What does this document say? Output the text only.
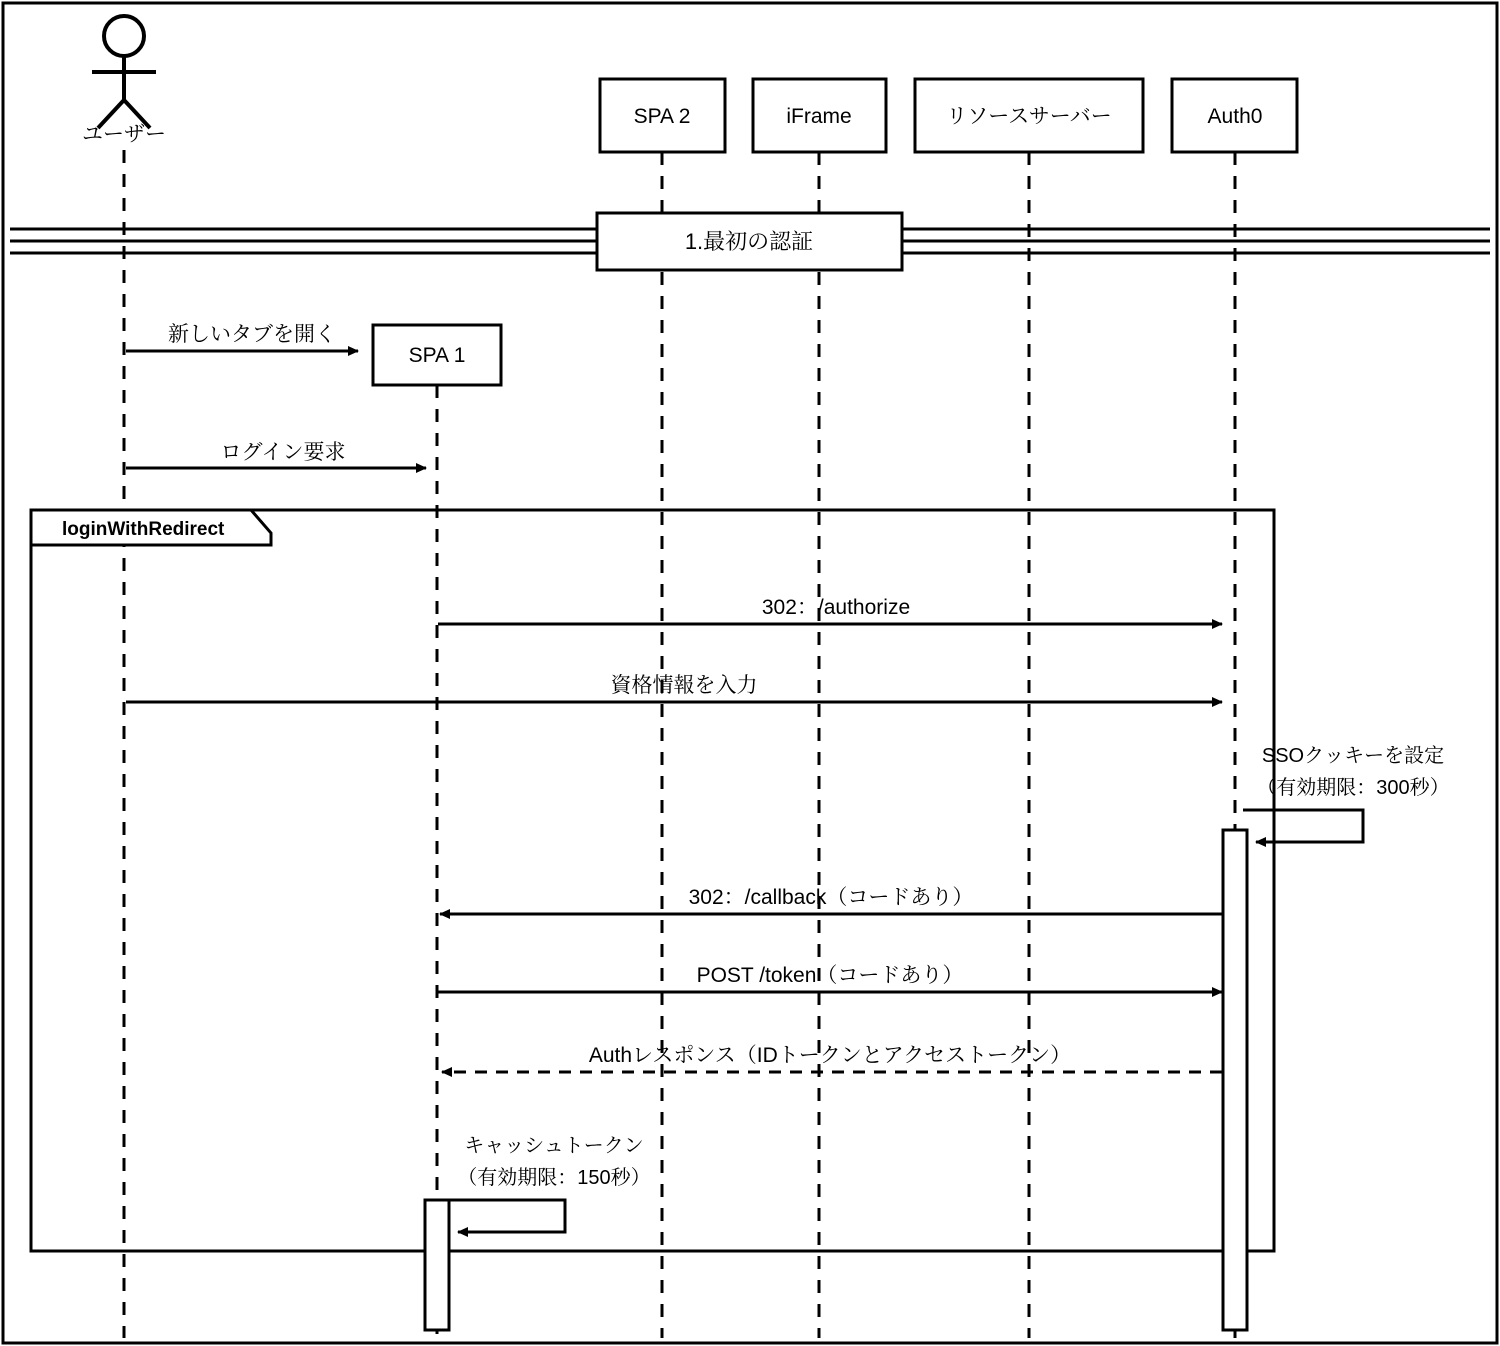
ユーザー
SPA 2	iFrame	リソースサーバー	Auth0
SPA 1
1.最初の認証
loginWithRedirect
新しいタブを開く
ログイン要求
302：/authorize
資格情報を入力
302：/callback（コードあり）
POST /token（コードあり）
Authレスポンス（IDトークンとアクセストークン）
SSOクッキーを設定
（有効期限：300秒）
キャッシュトークン
（有効期限：150秒）
